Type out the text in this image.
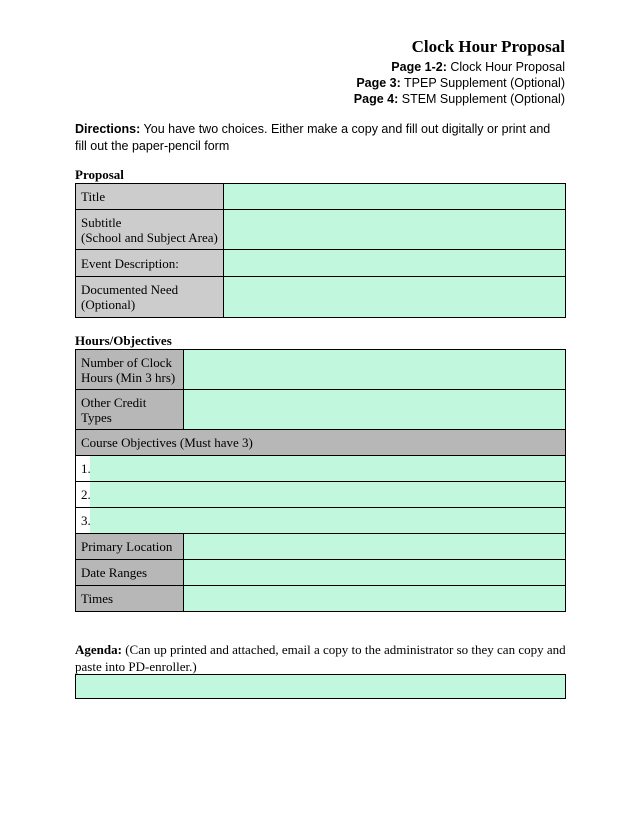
Clock Hour Proposal
Page 1-2: Clock Hour Proposal
Page 3: TPEP Supplement (Optional)
Page 4: STEM Supplement (Optional)
Directions: You have two choices. Either make a copy and fill out digitally or print and fill out the paper-pencil form
Proposal
Title	

Subtitle
(School and Subject Area)	

Event Description:	

Documented Need
(Optional)	

Hours/Objectives
Number of Clock
Hours (Min 3 hrs)		

Other Credit
Types		

Course Objectives (Must have 3)		
1.		
2.		
3.		
Primary Location		
Date Ranges		
Times		
Agenda: (Can up printed and attached, email a copy to the administrator so they can copy and paste into PD-enroller.)
